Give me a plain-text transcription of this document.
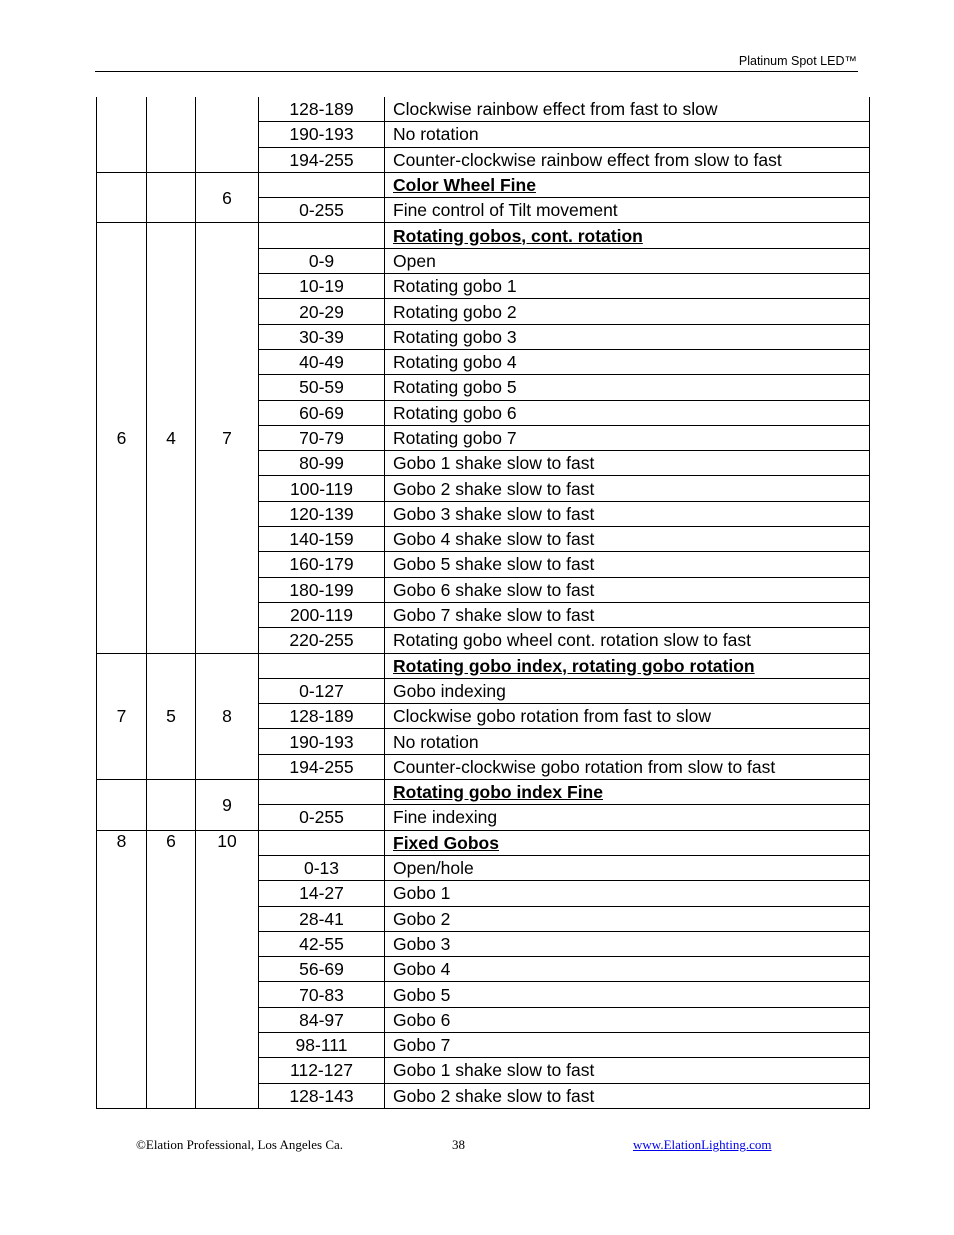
Platinum Spot LED™
			128-189	Clockwise rainbow effect from fast to slow
			190-193	No rotation
			194-255	Counter-clockwise rainbow effect from slow to fast
		6		Color Wheel Fine
			0-255	Fine control of Tilt movement
6	4	7		Rotating gobos, cont. rotation
			0-9	Open
			10-19	Rotating gobo 1
			20-29	Rotating gobo 2
			30-39	Rotating gobo 3
			40-49	Rotating gobo 4
			50-59	Rotating gobo 5
			60-69	Rotating gobo 6
			70-79	Rotating gobo 7
			80-99	Gobo 1 shake slow to fast
			100-119	Gobo 2 shake slow to fast
			120-139	Gobo 3 shake slow to fast
			140-159	Gobo 4 shake slow to fast
			160-179	Gobo 5 shake slow to fast
			180-199	Gobo 6 shake slow to fast
			200-119	Gobo 7 shake slow to fast
			220-255	Rotating gobo wheel cont. rotation slow to fast
7	5	8		Rotating gobo index, rotating gobo rotation
			0-127	Gobo indexing
			128-189	Clockwise gobo rotation from fast to slow
			190-193	No rotation
			194-255	Counter-clockwise gobo rotation from slow to fast
		9		Rotating gobo index Fine
			0-255	Fine indexing
8	6	10		Fixed Gobos
			0-13	Open/hole
			14-27	Gobo 1
			28-41	Gobo 2
			42-55	Gobo 3
			56-69	Gobo 4
			70-83	Gobo 5
			84-97	Gobo 6
			98-111	Gobo 7
			112-127	Gobo 1 shake slow to fast
			128-143	Gobo 2 shake slow to fast
©Elation Professional, Los Angeles Ca.	38	www.ElationLighting.com
